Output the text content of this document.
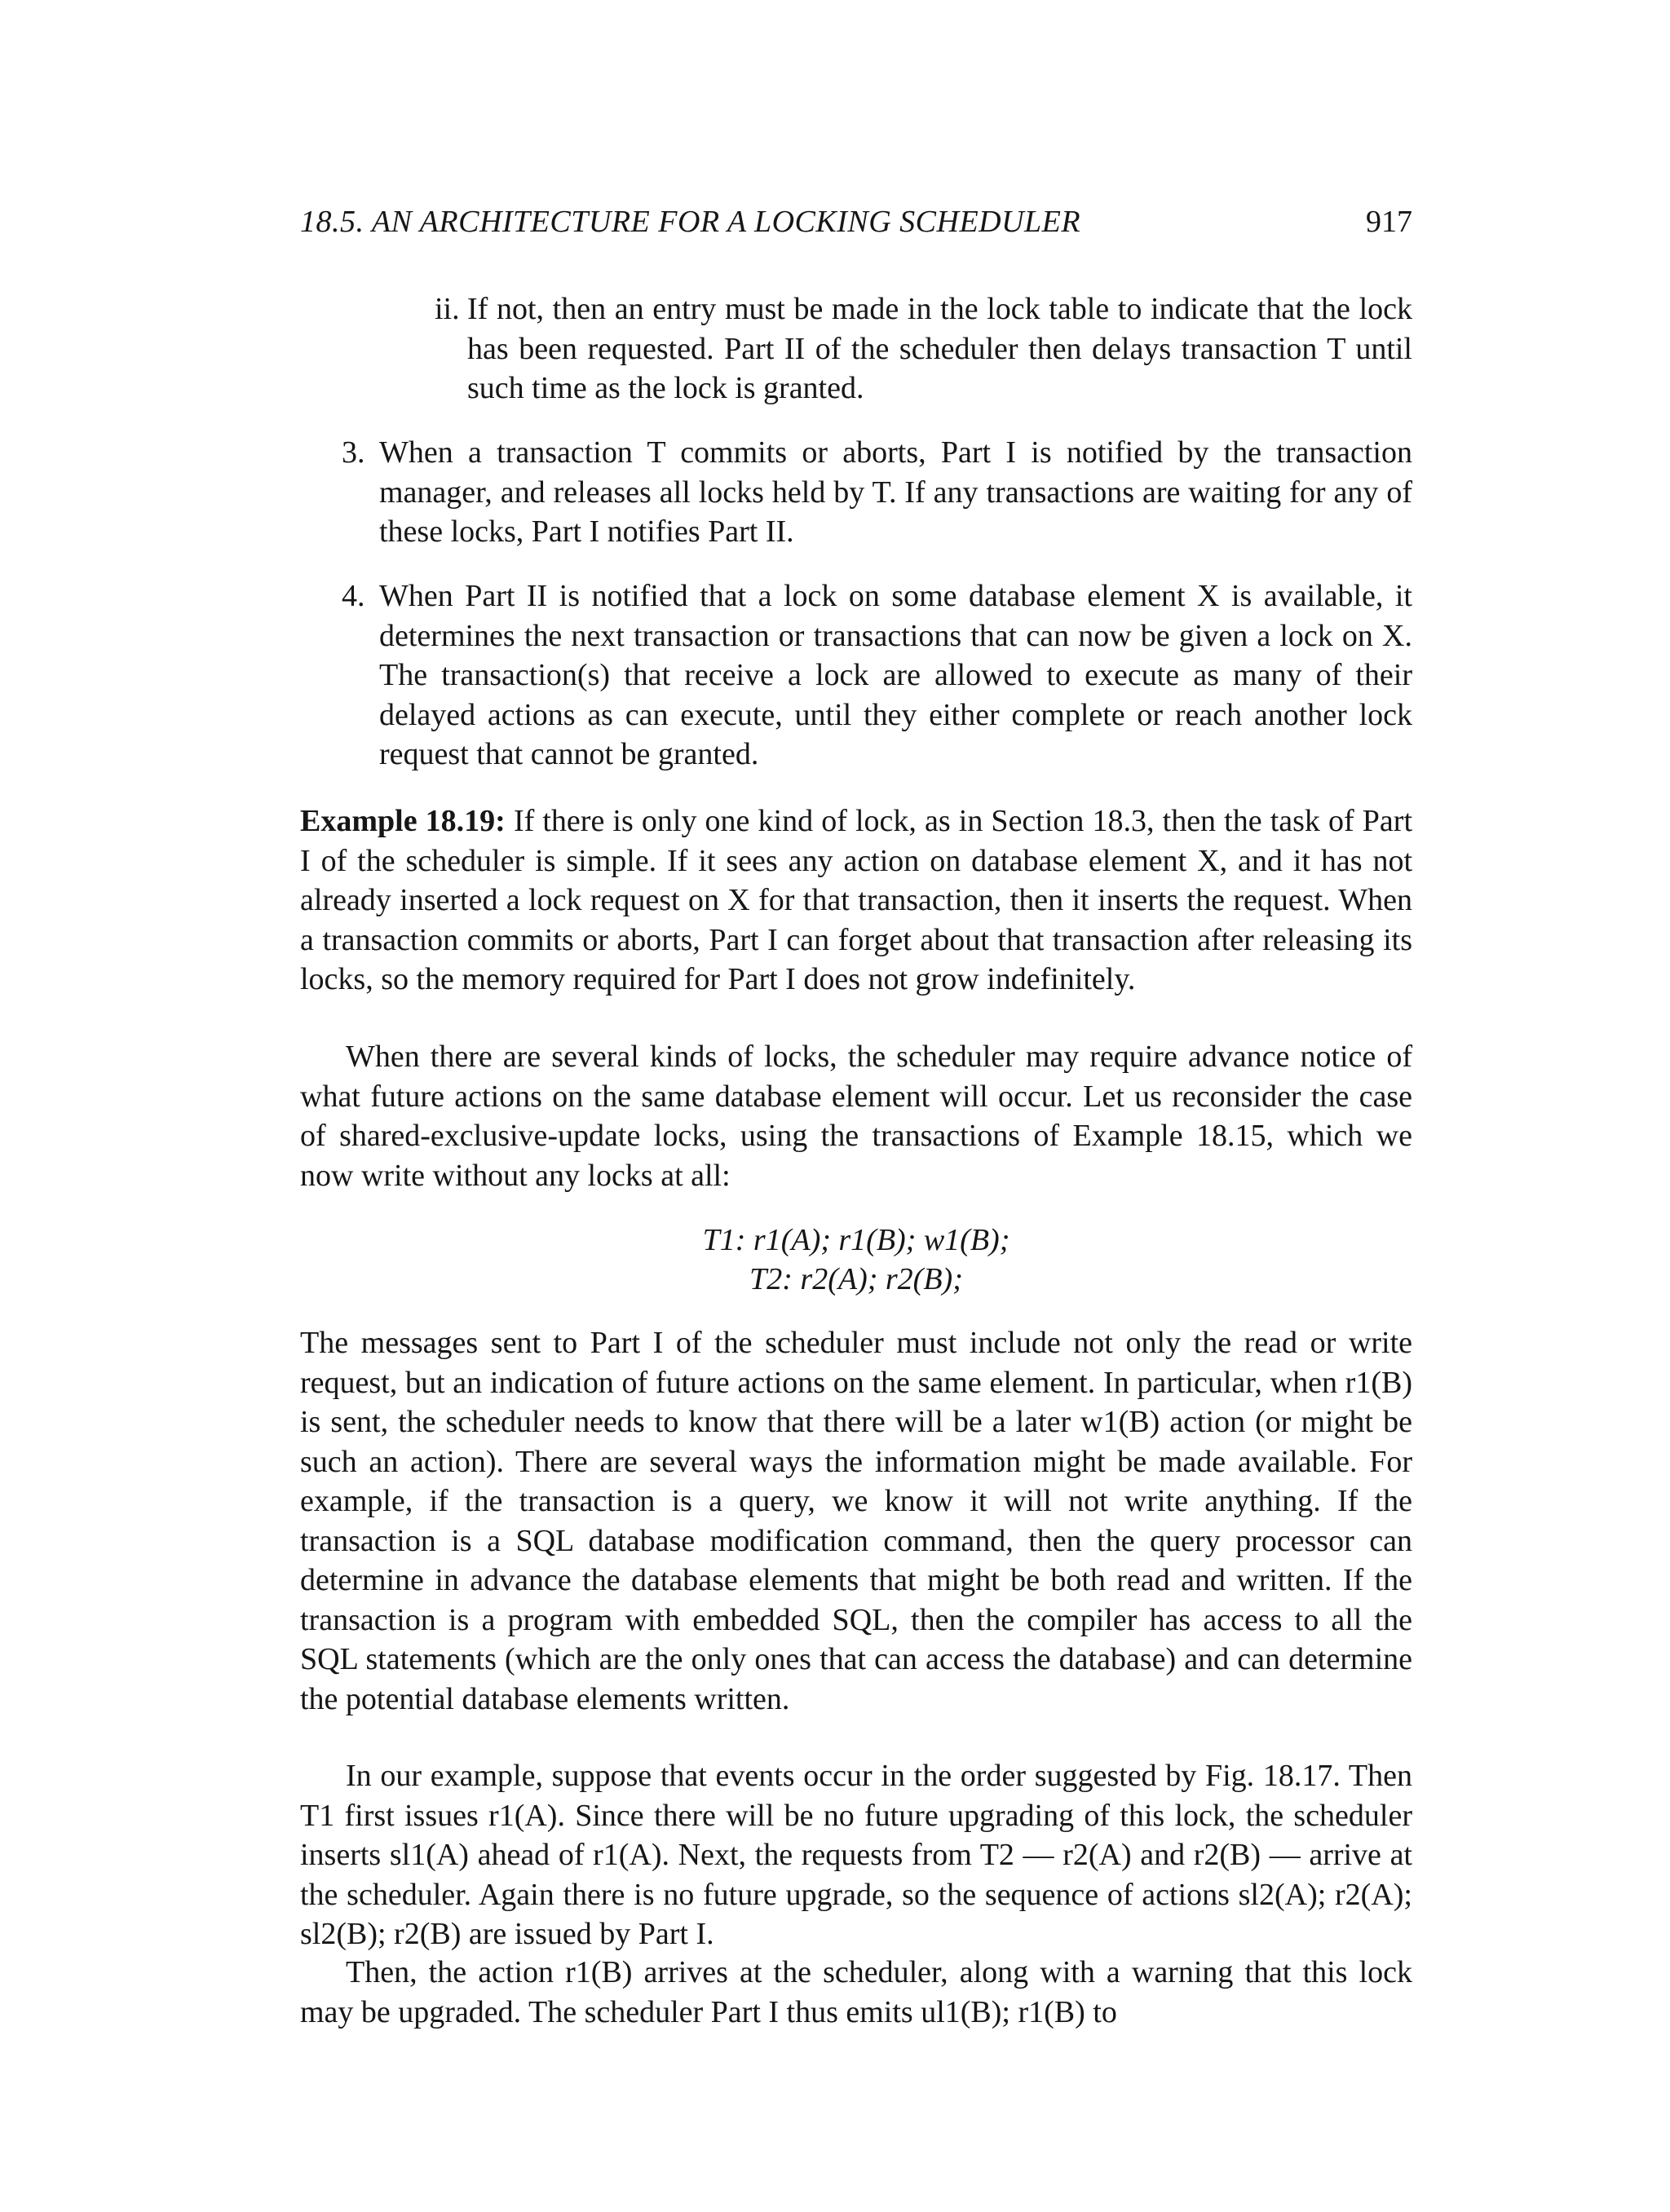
18.5. AN ARCHITECTURE FOR A LOCKING SCHEDULER	917
ii. If not, then an entry must be made in the lock table to indicate that the lock has been requested. Part II of the scheduler then delays transaction T until such time as the lock is granted.
3. When a transaction T commits or aborts, Part I is notified by the transaction manager, and releases all locks held by T. If any transactions are waiting for any of these locks, Part I notifies Part II.
4. When Part II is notified that a lock on some database element X is available, it determines the next transaction or transactions that can now be given a lock on X. The transaction(s) that receive a lock are allowed to execute as many of their delayed actions as can execute, until they either complete or reach another lock request that cannot be granted.
Example 18.19: If there is only one kind of lock, as in Section 18.3, then the task of Part I of the scheduler is simple. If it sees any action on database element X, and it has not already inserted a lock request on X for that transaction, then it inserts the request. When a transaction commits or aborts, Part I can forget about that transaction after releasing its locks, so the memory required for Part I does not grow indefinitely.
When there are several kinds of locks, the scheduler may require advance notice of what future actions on the same database element will occur. Let us reconsider the case of shared-exclusive-update locks, using the transactions of Example 18.15, which we now write without any locks at all:
T1: r1(A); r1(B); w1(B);
T2: r2(A); r2(B);
The messages sent to Part I of the scheduler must include not only the read or write request, but an indication of future actions on the same element. In particular, when r1(B) is sent, the scheduler needs to know that there will be a later w1(B) action (or might be such an action). There are several ways the information might be made available. For example, if the transaction is a query, we know it will not write anything. If the transaction is a SQL database modification command, then the query processor can determine in advance the database elements that might be both read and written. If the transaction is a program with embedded SQL, then the compiler has access to all the SQL statements (which are the only ones that can access the database) and can determine the potential database elements written.
In our example, suppose that events occur in the order suggested by Fig. 18.17. Then T1 first issues r1(A). Since there will be no future upgrading of this lock, the scheduler inserts sl1(A) ahead of r1(A). Next, the requests from T2 — r2(A) and r2(B) — arrive at the scheduler. Again there is no future upgrade, so the sequence of actions sl2(A); r2(A); sl2(B); r2(B) are issued by Part I.
Then, the action r1(B) arrives at the scheduler, along with a warning that this lock may be upgraded. The scheduler Part I thus emits ul1(B); r1(B) to
